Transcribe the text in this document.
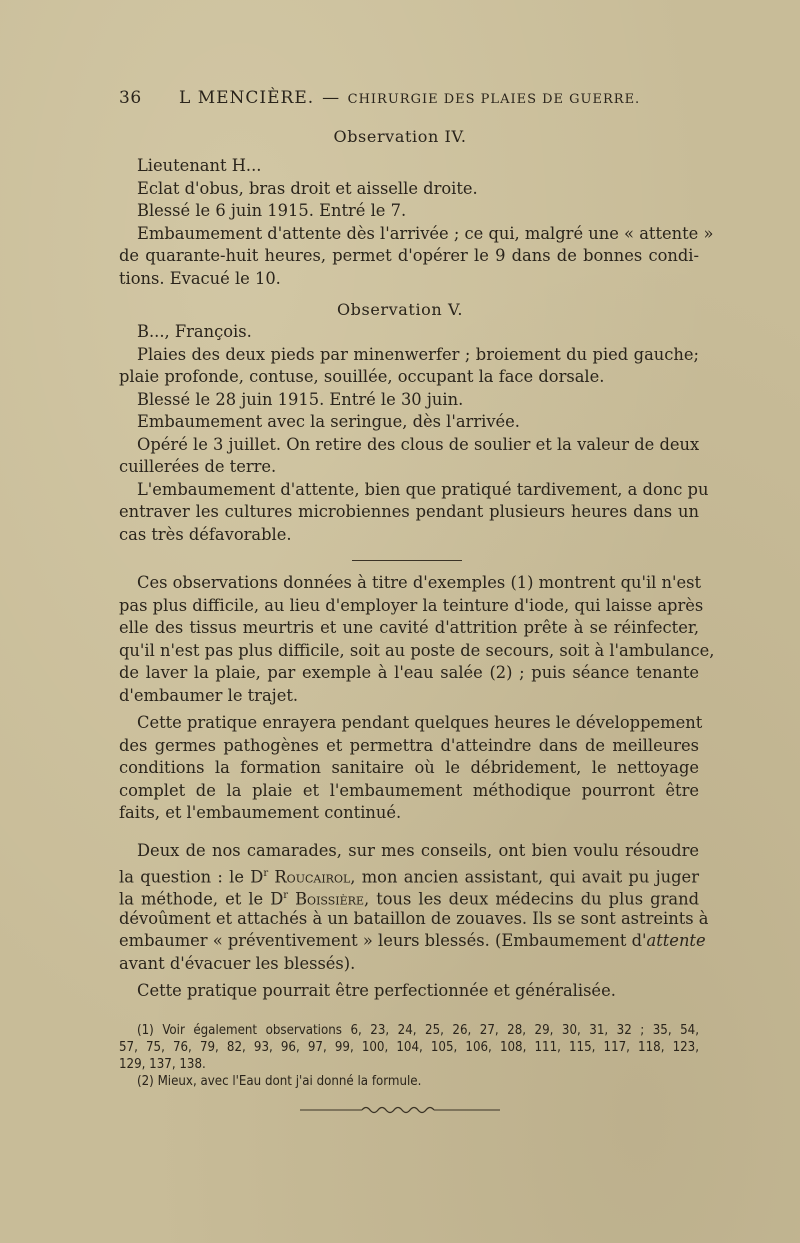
36 L MENCIÈRE. — CHIRURGIE DES PLAIES DE GUERRE.
Observation IV.
Lieutenant H...
Eclat d'obus, bras droit et aisselle droite.
Blessé le 6 juin 1915. Entré le 7.
Embaumement d'attente dès l'arrivée ; ce qui, malgré une « attente »
de quarante-huit heures, permet d'opérer le 9 dans de bonnes condi-
tions. Evacué le 10.
Observation V.
B..., François.
Plaies des deux pieds par minenwerfer ; broiement du pied gauche;
plaie profonde, contuse, souillée, occupant la face dorsale.
Blessé le 28 juin 1915. Entré le 30 juin.
Embaumement avec la seringue, dès l'arrivée.
Opéré le 3 juillet. On retire des clous de soulier et la valeur de deux
cuillerées de terre.
L'embaumement d'attente, bien que pratiqué tardivement, a donc pu
entraver les cultures microbiennes pendant plusieurs heures dans un
cas très défavorable.
Ces observations données à titre d'exemples (1) montrent qu'il n'est
pas plus difficile, au lieu d'employer la teinture d'iode, qui laisse après
elle des tissus meurtris et une cavité d'attrition prête à se réinfecter,
qu'il n'est pas plus difficile, soit au poste de secours, soit à l'ambulance,
de laver la plaie, par exemple à l'eau salée (2) ; puis séance tenante
d'embaumer le trajet.
Cette pratique enrayera pendant quelques heures le développement
des germes pathogènes et permettra d'atteindre dans de meilleures
conditions la formation sanitaire où le débridement, le nettoyage
complet de la plaie et l'embaumement méthodique pourront être
faits, et l'embaumement continué.
Deux de nos camarades, sur mes conseils, ont bien voulu résoudre
la question : le $D^r$ Roucairol, mon ancien assistant, qui avait pu juger
la méthode, et le $D^r$ Boissière, tous les deux médecins du plus grand
dévoûment et attachés à un bataillon de zouaves. Ils se sont astreints à
embaumer « préventivement » leurs blessés. (Embaumement d'attente
avant d'évacuer les blessés).
Cette pratique pourrait être perfectionnée et généralisée.
(1) Voir également observations 6, 23, 24, 25, 26, 27, 28, 29, 30, 31, 32 ; 35, 54,
57, 75, 76, 79, 82, 93, 96, 97, 99, 100, 104, 105, 106, 108, 111, 115, 117, 118, 123,
129, 137, 138.
(2) Mieux, avec l'Eau dont j'ai donné la formule.
